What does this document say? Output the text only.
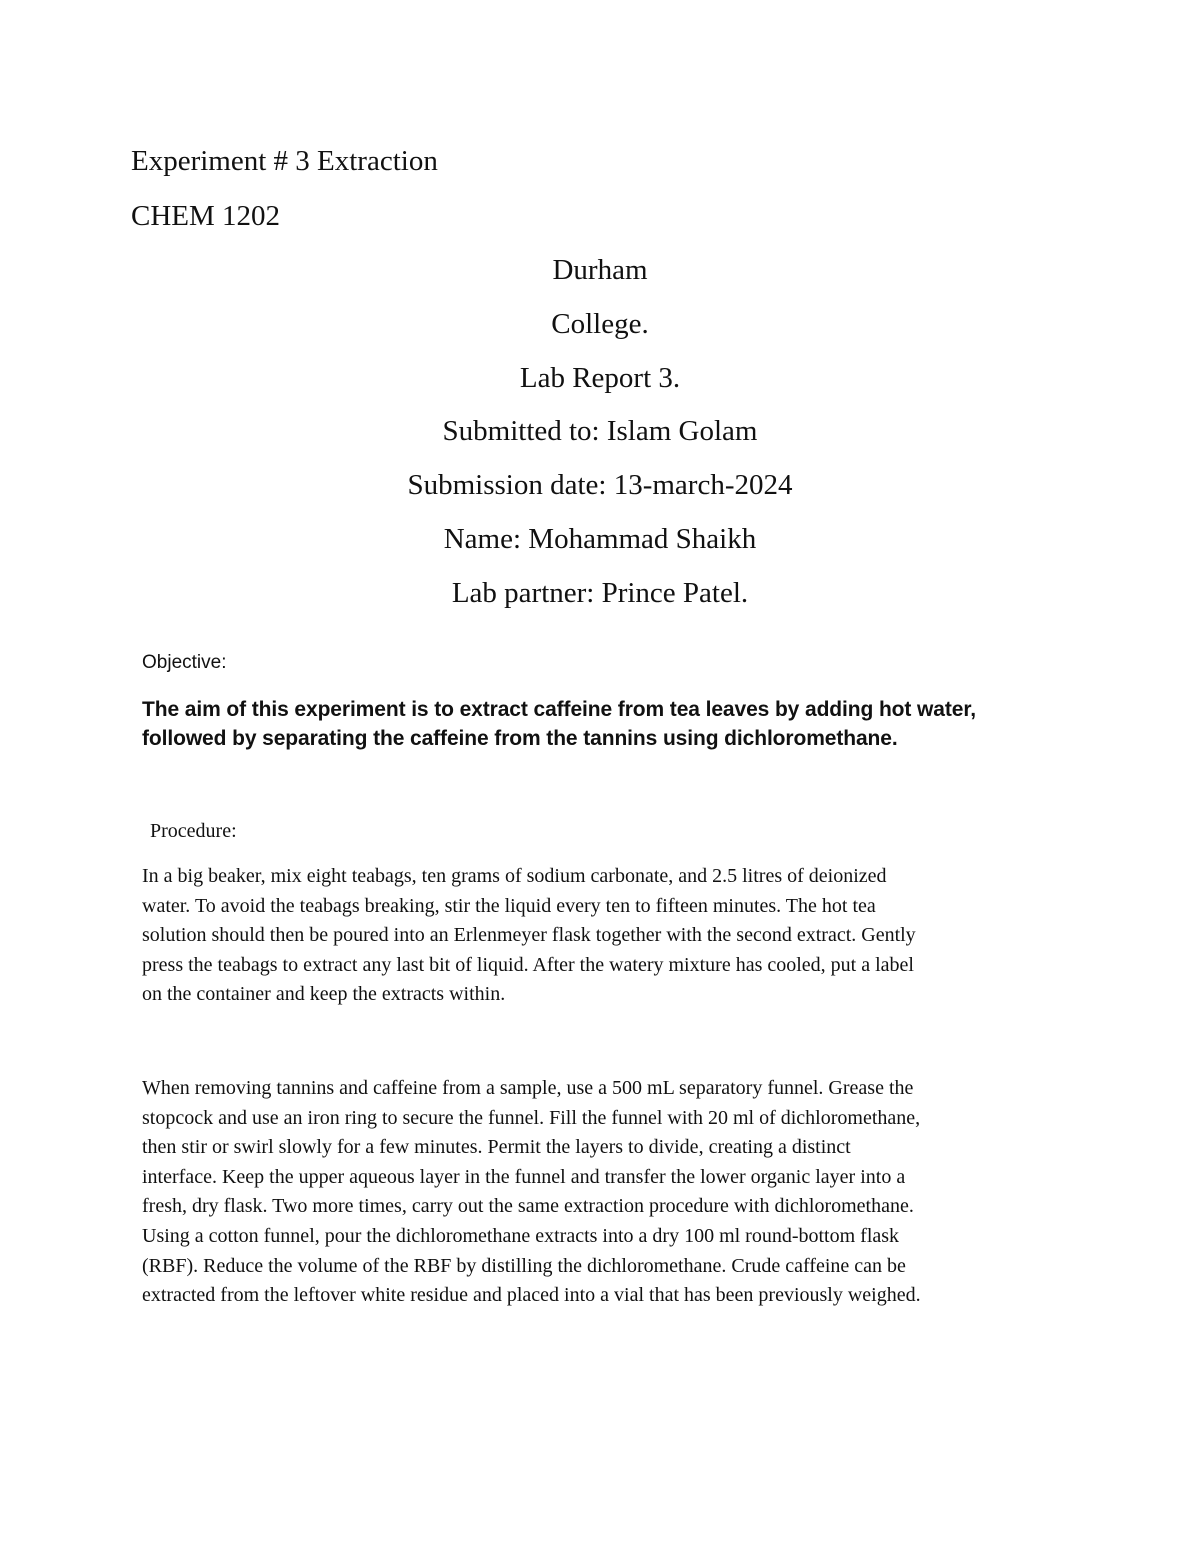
Experiment # 3 Extraction
CHEM 1202
Durham
College.
Lab Report 3.
Submitted to: Islam Golam
Submission date: 13-march-2024
Name: Mohammad Shaikh
Lab partner: Prince Patel.
Objective:
The aim of this experiment is to extract caffeine from tea leaves by adding hot water,
followed by separating the caffeine from the tannins using dichloromethane.
Procedure:
In a big beaker, mix eight teabags, ten grams of sodium carbonate, and 2.5 litres of deionized
water. To avoid the teabags breaking, stir the liquid every ten to fifteen minutes. The hot tea
solution should then be poured into an Erlenmeyer flask together with the second extract. Gently
press the teabags to extract any last bit of liquid. After the watery mixture has cooled, put a label
on the container and keep the extracts within.
When removing tannins and caffeine from a sample, use a 500 mL separatory funnel. Grease the
stopcock and use an iron ring to secure the funnel. Fill the funnel with 20 ml of dichloromethane,
then stir or swirl slowly for a few minutes. Permit the layers to divide, creating a distinct
interface. Keep the upper aqueous layer in the funnel and transfer the lower organic layer into a
fresh, dry flask. Two more times, carry out the same extraction procedure with dichloromethane.
Using a cotton funnel, pour the dichloromethane extracts into a dry 100 ml round-bottom flask
(RBF). Reduce the volume of the RBF by distilling the dichloromethane. Crude caffeine can be
extracted from the leftover white residue and placed into a vial that has been previously weighed.
